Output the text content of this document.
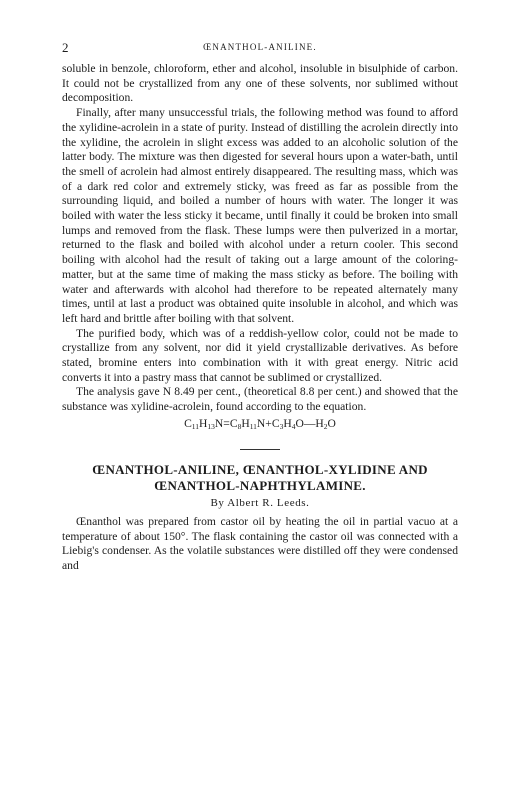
2	ŒNANTHOL-ANILINE.

soluble in benzole, chloroform, ether and alcohol, insoluble in bisulphide of carbon. It could not be crystallized from any one of these solvents, nor sublimed without decomposition.

Finally, after many unsuccessful trials, the following method was found to afford the xylidine-acrolein in a state of purity. Instead of distilling the acrolein directly into the xylidine, the acrolein in slight excess was added to an alcoholic solution of the latter body. The mixture was then digested for several hours upon a water-bath, until the smell of acrolein had almost entirely disappeared. The resulting mass, which was of a dark red color and extremely sticky, was freed as far as possible from the surrounding liquid, and boiled a number of hours with water. The longer it was boiled with water the less sticky it became, until finally it could be broken into small lumps and removed from the flask. These lumps were then pulverized in a mortar, returned to the flask and boiled with alcohol under a return cooler. This second boiling with alcohol had the result of taking out a large amount of the coloring-matter, but at the same time of making the mass sticky as before. The boiling with water and afterwards with alcohol had therefore to be repeated alternately many times, until at last a product was obtained quite insoluble in alcohol, and which was left hard and brittle after boiling with that solvent.

The purified body, which was of a reddish-yellow color, could not be made to crystallize from any solvent, nor did it yield crystallizable derivatives. As before stated, bromine enters into combination with it with great energy. Nitric acid converts it into a pastry mass that cannot be sublimed or crystallized.

The analysis gave N 8.49 per cent., (theoretical 8.8 per cent.) and showed that the substance was xylidine-acrolein, found according to the equation.

$C_{11}H_{13}N=C_8H_{11}N+C_3H_4O—H_2O$
ŒNANTHOL-ANILINE, ŒNANTHOL-XYLIDINE AND
ŒNANTHOL-NAPHTHYLAMINE.
By Albert R. Leeds.

Œnanthol was prepared from castor oil by heating the oil in partial vacuo at a temperature of about 150°. The flask containing the castor oil was connected with a Liebig's condenser. As the volatile substances were distilled off they were condensed and
